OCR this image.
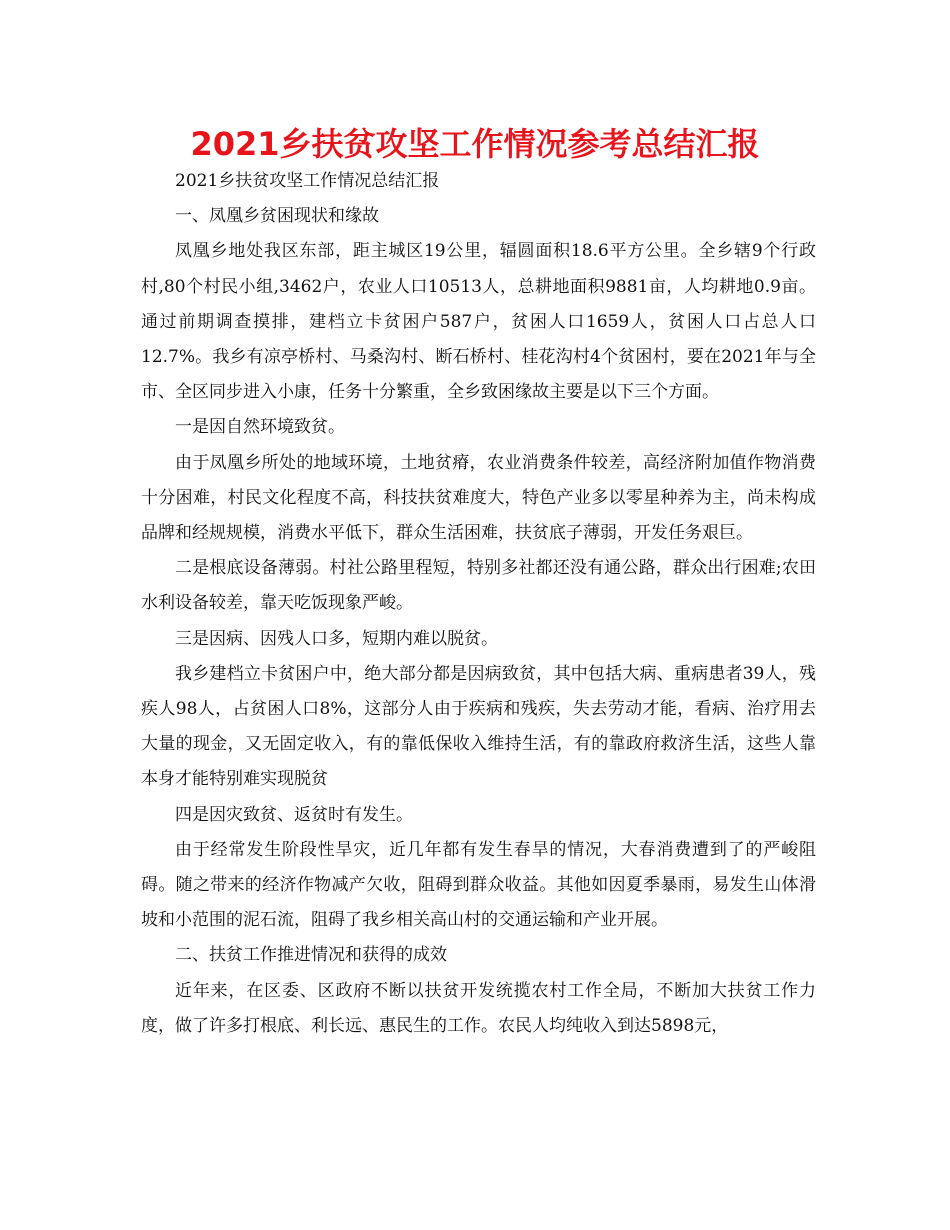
2021乡扶贫攻坚工作情况参考总结汇报

2021乡扶贫攻坚工作情况总结汇报

一、凤凰乡贫困现状和缘故

凤凰乡地处我区东部，距主城区19公里，辐圆面积18.6平方公里。全乡辖9个行政村,80个村民小组,3462户，农业人口10513人，总耕地面积9881亩，人均耕地0.9亩。通过前期调查摸排，建档立卡贫困户587户，贫困人口1659人，贫困人口占总人口12.7%。我乡有凉亭桥村、马桑沟村、断石桥村、桂花沟村4个贫困村，要在2021年与全市、全区同步进入小康，任务十分繁重，全乡致困缘故主要是以下三个方面。

一是因自然环境致贫。

由于凤凰乡所处的地域环境，土地贫瘠，农业消费条件较差，高经济附加值作物消费十分困难，村民文化程度不高，科技扶贫难度大，特色产业多以零星种养为主，尚未构成品牌和经规规模，消费水平低下，群众生活困难，扶贫底子薄弱，开发任务艰巨。

二是根底设备薄弱。村社公路里程短，特别多社都还没有通公路，群众出行困难;农田水利设备较差，靠天吃饭现象严峻。

三是因病、因残人口多，短期内难以脱贫。

我乡建档立卡贫困户中，绝大部分都是因病致贫，其中包括大病、重病患者39人，残疾人98人，占贫困人口8%，这部分人由于疾病和残疾，失去劳动才能，看病、治疗用去大量的现金，又无固定收入，有的靠低保收入维持生活，有的靠政府救济生活，这些人靠本身才能特别难实现脱贫

四是因灾致贫、返贫时有发生。

由于经常发生阶段性旱灾，近几年都有发生春旱的情况，大春消费遭到了的严峻阻碍。随之带来的经济作物减产欠收，阻碍到群众收益。其他如因夏季暴雨，易发生山体滑坡和小范围的泥石流，阻碍了我乡相关高山村的交通运输和产业开展。

二、扶贫工作推进情况和获得的成效

近年来，在区委、区政府不断以扶贫开发统揽农村工作全局，不断加大扶贫工作力度，做了许多打根底、利长远、惠民生的工作。农民人均纯收入到达5898元，
